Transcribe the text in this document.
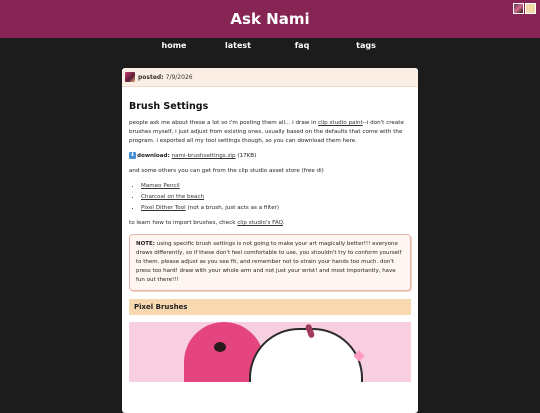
Ask Nami
home	latest	faq	tags
posted: 7/9/2026
Brush Settings

people ask me about these a lot so i'm posting them all... i draw in clip studio paint--i don't create brushes myself, i just adjust from existing ones, usually based on the defaults that come with the program. i exported all my tool settings though, so you can download them here.

⬇ download: nami-brushsettings.zip (17KB)

and some others you can get from the clip studio asset store (free di)

• Mameo Pencil
• Charcoal on the beach
• Pixel Dither Tool (not a brush, just acts as a filter)

to learn how to import brushes, check clip studio's FAQ.

NOTE: using specific brush settings is not going to make your art magically better!!! everyone draws differently, so if these don't feel comfortable to use, you shouldn't try to conform yourself to them. please adjust as you see fit, and remember not to strain your hands too much. don't press too hard! draw with your whole arm and not just your wrist! and most importantly, have fun out there!!!
Pixel Brushes
